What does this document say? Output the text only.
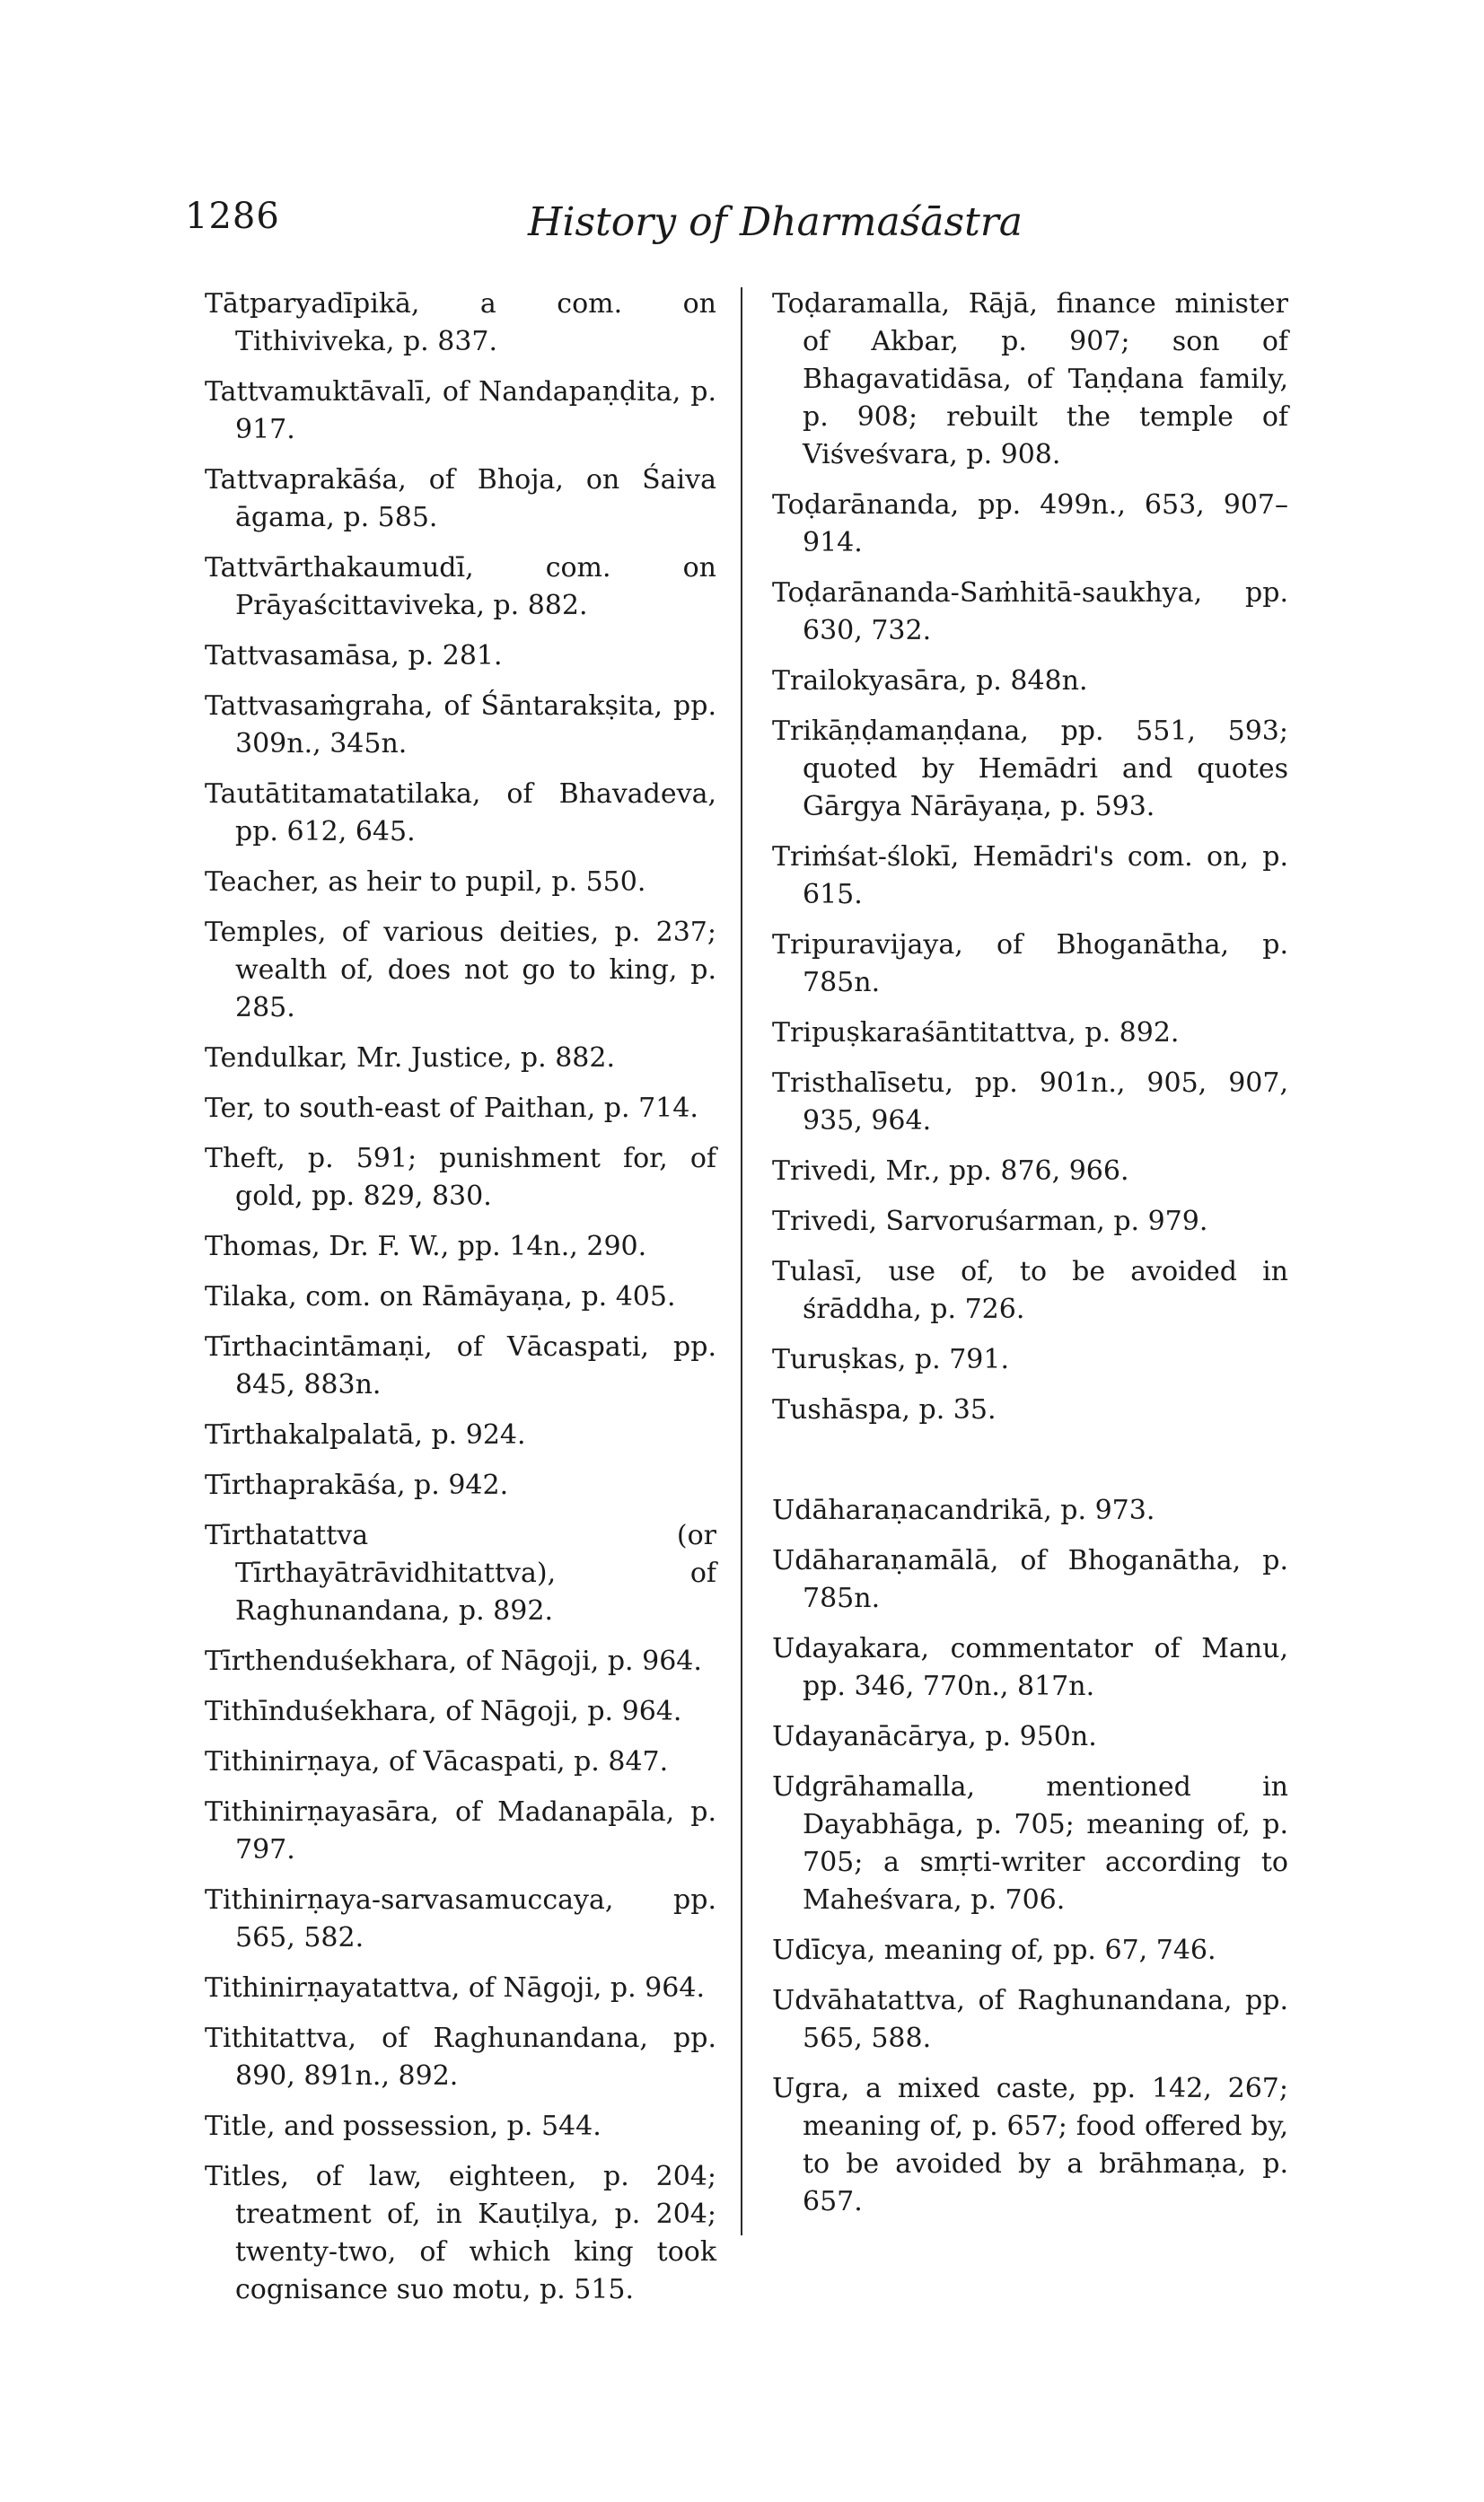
1286	History of Dharmaśāstra

Tātparyadīpikā, a com. on Tithiviveka, p. 837.

Tattvamuktāvalī, of Nandapaṇḍita, p. 917.

Tattvaprakāśa, of Bhoja, on Śaiva āgama, p. 585.

Tattvārthakaumudī, com. on Prāyaścittaviveka, p. 882.

Tattvasamāsa, p. 281.

Tattvasaṁgraha, of Śāntarakṣita, pp. 309n., 345n.

Tautātitamatatilaka, of Bhavadeva, pp. 612, 645.

Teacher, as heir to pupil, p. 550.

Temples, of various deities, p. 237; wealth of, does not go to king, p. 285.

Tendulkar, Mr. Justice, p. 882.

Ter, to south-east of Paithan, p. 714.

Theft, p. 591; punishment for, of gold, pp. 829, 830.

Thomas, Dr. F. W., pp. 14n., 290.

Tilaka, com. on Rāmāyaṇa, p. 405.

Tīrthacintāmaṇi, of Vācaspati, pp. 845, 883n.

Tīrthakalpalatā, p. 924.

Tīrthaprakāśa, p. 942.

Tīrthatattva (or Tīrthayātrāvidhitattva), of Raghunandana, p. 892.

Tīrthenduśekhara, of Nāgoji, p. 964.

Tithīnduśekhara, of Nāgoji, p. 964.

Tithinirṇaya, of Vācaspati, p. 847.

Tithinirṇayasāra, of Madanapāla, p. 797.

Tithinirṇaya-sarvasamuccaya, pp. 565, 582.

Tithinirṇayatattva, of Nāgoji, p. 964.

Tithitattva, of Raghunandana, pp. 890, 891n., 892.

Title, and possession, p. 544.

Titles, of law, eighteen, p. 204; treatment of, in Kauṭilya, p. 204; twenty-two, of which king took cognisance suo motu, p. 515.

Toḍaramalla, Rājā, finance minister of Akbar, p. 907; son of Bhagavatidāsa, of Taṇḍana family, p. 908; rebuilt the temple of Viśveśvara, p. 908.

Toḍarānanda, pp. 499n., 653, 907–914.

Toḍarānanda-Saṁhitā-saukhya, pp. 630, 732.

Trailokyasāra, p. 848n.

Trikāṇḍamaṇḍana, pp. 551, 593; quoted by Hemādri and quotes Gārgya Nārāyaṇa, p. 593.

Triṁśat-ślokī, Hemādri's com. on, p. 615.

Tripuravijaya, of Bhoganātha, p. 785n.

Tripuṣkaraśāntitattva, p. 892.

Tristhalīsetu, pp. 901n., 905, 907, 935, 964.

Trivedi, Mr., pp. 876, 966.

Trivedi, Sarvoruśarman, p. 979.

Tulasī, use of, to be avoided in śrāddha, p. 726.

Turuṣkas, p. 791.

Tushāspa, p. 35.

Udāharaṇacandrikā, p. 973.

Udāharaṇamālā, of Bhoganātha, p. 785n.

Udayakara, commentator of Manu, pp. 346, 770n., 817n.

Udayanācārya, p. 950n.

Udgrāhamalla, mentioned in Dayabhāga, p. 705; meaning of, p. 705; a smṛti-writer according to Maheśvara, p. 706.

Udīcya, meaning of, pp. 67, 746.

Udvāhatattva, of Raghunandana, pp. 565, 588.

Ugra, a mixed caste, pp. 142, 267; meaning of, p. 657; food offered by, to be avoided by a brāhmaṇa, p. 657.
